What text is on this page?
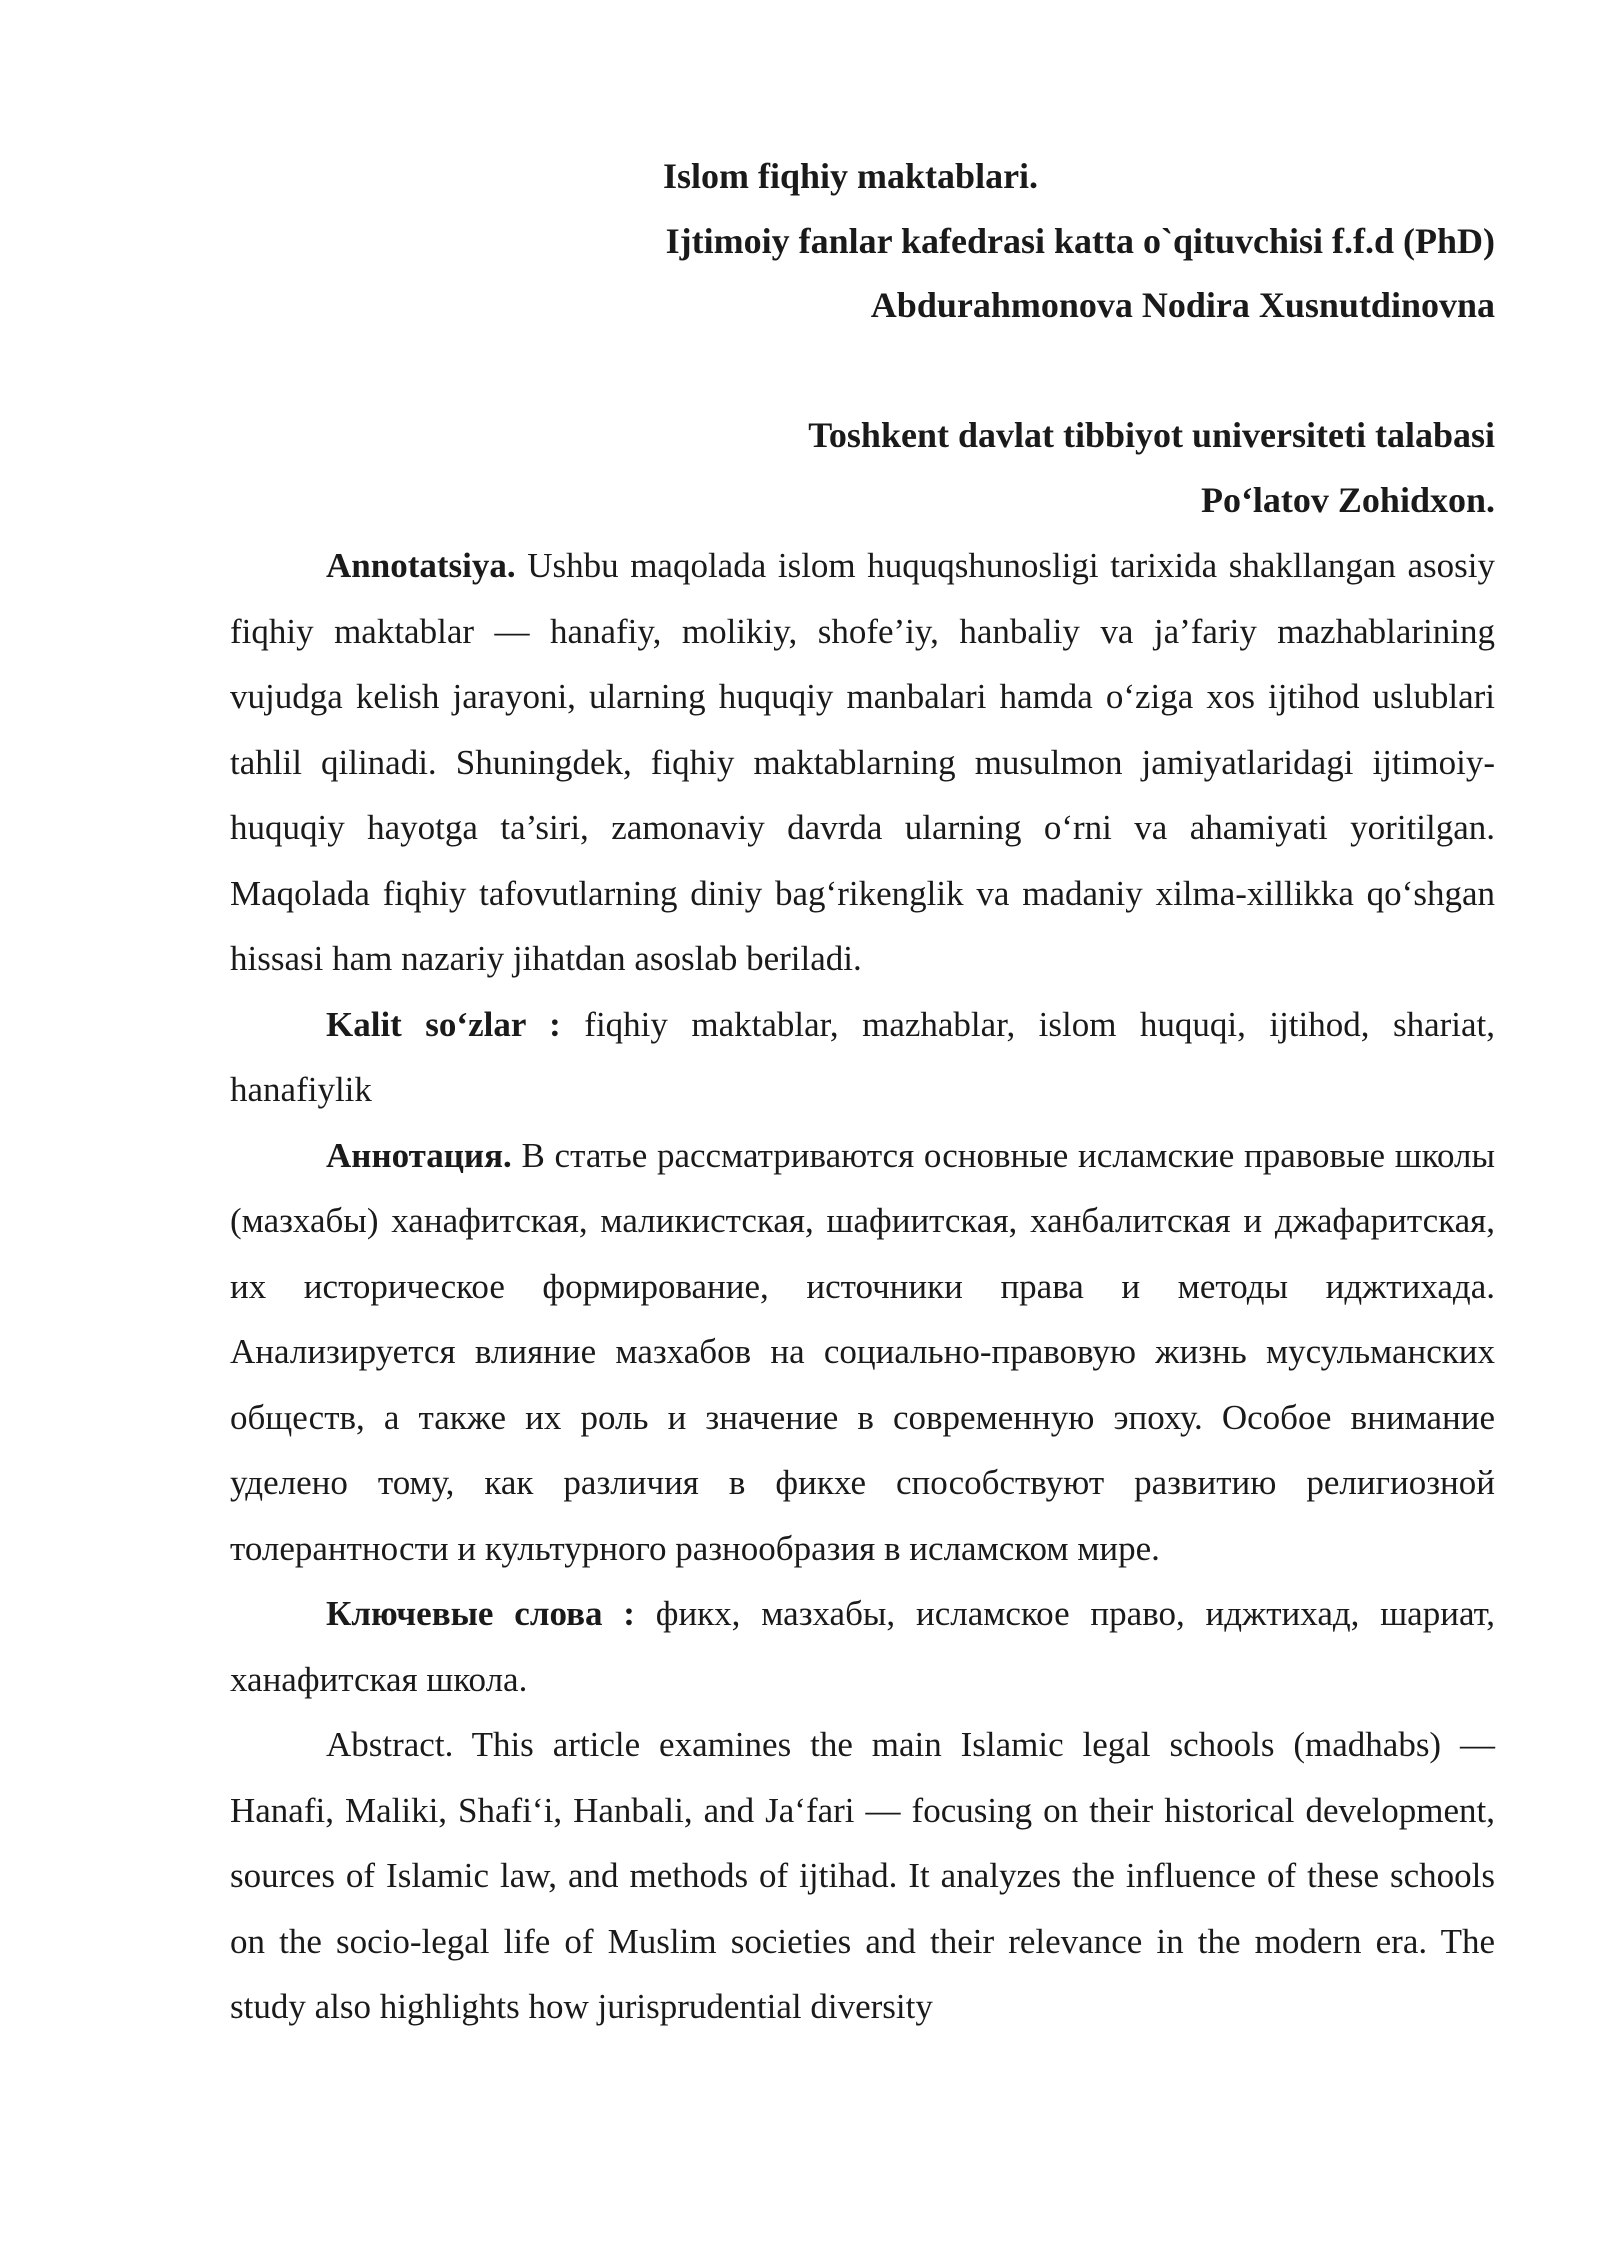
Islom fiqhiy maktablari.
Ijtimoiy fanlar kafedrasi katta o`qituvchisi f.f.d (PhD)
Abdurahmonova Nodira Xusnutdinovna
Toshkent davlat tibbiyot universiteti talabasi
Po‘latov Zohidxon.

Annotatsiya. Ushbu maqolada islom huquqshunosligi tarixida shakllangan asosiy fiqhiy maktablar — hanafiy, molikiy, shofe’iy, hanbaliy va ja’fariy mazhablarining vujudga kelish jarayoni, ularning huquqiy manbalari hamda o‘ziga xos ijtihod uslublari tahlil qilinadi. Shuningdek, fiqhiy maktablarning musulmon jamiyatlaridagi ijtimoiy-huquqiy hayotga ta’siri, zamonaviy davrda ularning o‘rni va ahamiyati yoritilgan. Maqolada fiqhiy tafovutlarning diniy bag‘rikenglik va madaniy xilma-xillikka qo‘shgan hissasi ham nazariy jihatdan asoslab beriladi.

Kalit so‘zlar : fiqhiy maktablar, mazhablar, islom huquqi, ijtihod, shariat, hanafiylik

Аннотация. В статье рассматриваются основные исламские правовые школы (мазхабы) ханафитская, маликистская, шафиитская, ханбалитская и джафаритская, их историческое формирование, источники права и методы иджтихада. Анализируется влияние мазхабов на социально-правовую жизнь мусульманских обществ, а также их роль и значение в современную эпоху. Особое внимание уделено тому, как различия в фикхе способствуют развитию религиозной толерантности и культурного разнообразия в исламском мире.

Ключевые слова : фикх, мазхабы, исламское право, иджтихад, шариат, ханафитская школа.

Abstract. This article examines the main Islamic legal schools (madhabs) — Hanafi, Maliki, Shafi‘i, Hanbali, and Ja‘fari — focusing on their historical development, sources of Islamic law, and methods of ijtihad. It analyzes the influence of these schools on the socio-legal life of Muslim societies and their relevance in the modern era. The study also highlights how jurisprudential diversity
